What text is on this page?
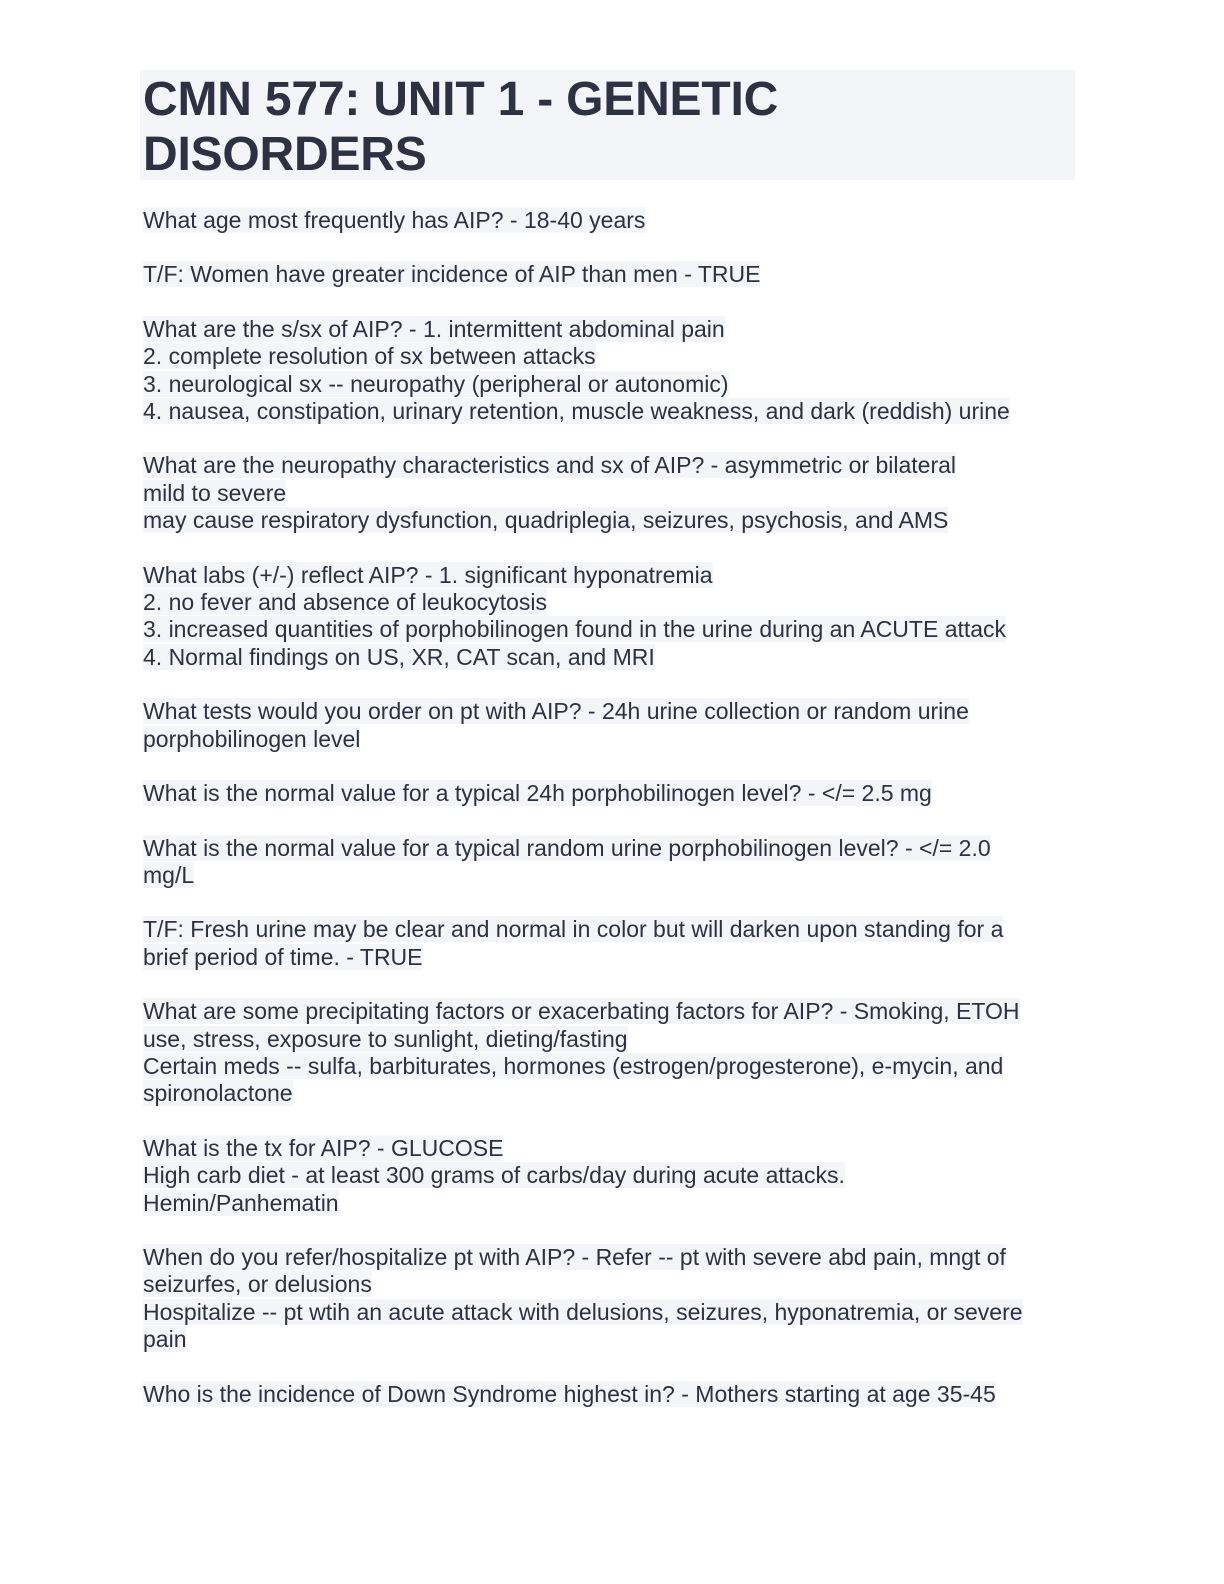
CMN 577: UNIT 1 - GENETIC
DISORDERS
What age most frequently has AIP? - 18-40 years
T/F: Women have greater incidence of AIP than men - TRUE
What are the s/sx of AIP? - 1. intermittent abdominal pain
2. complete resolution of sx between attacks
3. neurological sx -- neuropathy (peripheral or autonomic)
4. nausea, constipation, urinary retention, muscle weakness, and dark (reddish) urine
What are the neuropathy characteristics and sx of AIP? - asymmetric or bilateral
mild to severe
may cause respiratory dysfunction, quadriplegia, seizures, psychosis, and AMS
What labs (+/-) reflect AIP? - 1. significant hyponatremia
2. no fever and absence of leukocytosis
3. increased quantities of porphobilinogen found in the urine during an ACUTE attack
4. Normal findings on US, XR, CAT scan, and MRI
What tests would you order on pt with AIP? - 24h urine collection or random urine
porphobilinogen level
What is the normal value for a typical 24h porphobilinogen level? - </= 2.5 mg
What is the normal value for a typical random urine porphobilinogen level? - </= 2.0
mg/L
T/F: Fresh urine may be clear and normal in color but will darken upon standing for a
brief period of time. - TRUE
What are some precipitating factors or exacerbating factors for AIP? - Smoking, ETOH
use, stress, exposure to sunlight, dieting/fasting
Certain meds -- sulfa, barbiturates, hormones (estrogen/progesterone), e-mycin, and
spironolactone
What is the tx for AIP? - GLUCOSE
High carb diet - at least 300 grams of carbs/day during acute attacks.
Hemin/Panhematin
When do you refer/hospitalize pt with AIP? - Refer -- pt with severe abd pain, mngt of
seizurfes, or delusions
Hospitalize -- pt wtih an acute attack with delusions, seizures, hyponatremia, or severe
pain
Who is the incidence of Down Syndrome highest in? - Mothers starting at age 35-45
